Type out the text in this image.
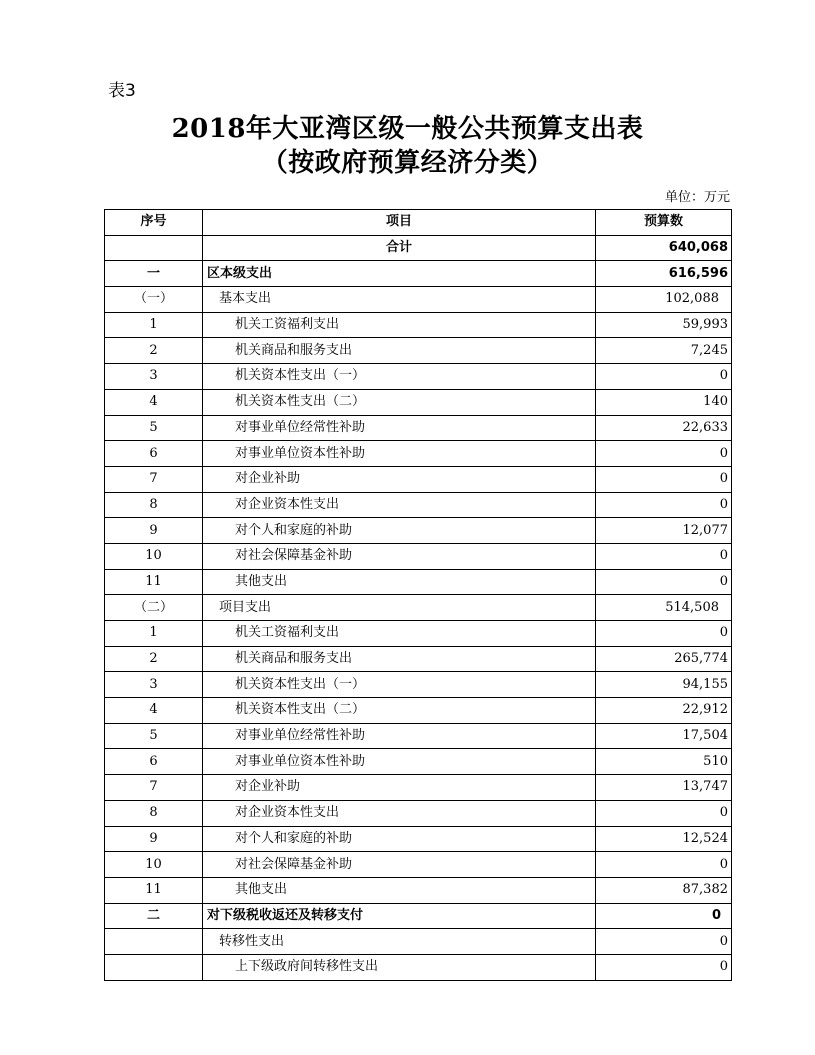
表3
2018年大亚湾区级一般公共预算支出表
（按政府预算经济分类）
单位：万元
序号	项目	预算数
	合计	640,068
一	区本级支出	616,596
（一）	基本支出	102,088
1	机关工资福利支出	59,993
2	机关商品和服务支出	7,245
3	机关资本性支出（一）	0
4	机关资本性支出（二）	140
5	对事业单位经常性补助	22,633
6	对事业单位资本性补助	0
7	对企业补助	0
8	对企业资本性支出	0
9	对个人和家庭的补助	12,077
10	对社会保障基金补助	0
11	其他支出	0
（二）	项目支出	514,508
1	机关工资福利支出	0
2	机关商品和服务支出	265,774
3	机关资本性支出（一）	94,155
4	机关资本性支出（二）	22,912
5	对事业单位经常性补助	17,504
6	对事业单位资本性补助	510
7	对企业补助	13,747
8	对企业资本性支出	0
9	对个人和家庭的补助	12,524
10	对社会保障基金补助	0
11	其他支出	87,382
二	对下级税收返还及转移支付	0
	转移性支出	0
	上下级政府间转移性支出	0
